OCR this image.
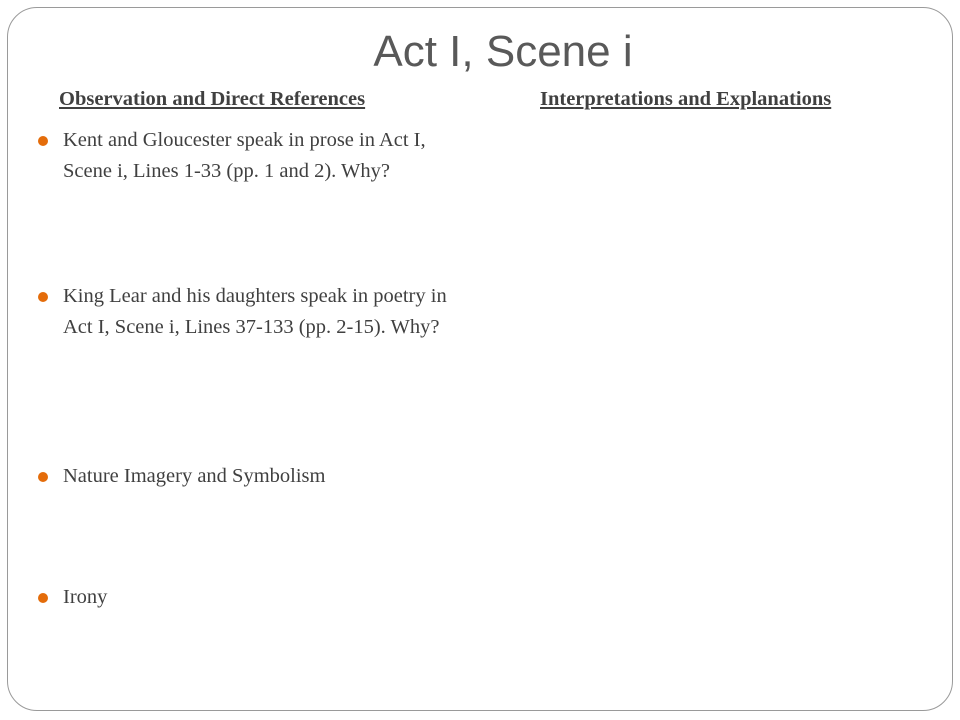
Act I, Scene i
Observation and Direct References	Interpretations and Explanations
Kent and Gloucester speak in prose in Act I, Scene i, Lines 1-33 (pp. 1 and 2). Why?
King Lear and his daughters speak in poetry in Act I, Scene i, Lines 37-133 (pp. 2-15). Why?
Nature Imagery and Symbolism
Irony
